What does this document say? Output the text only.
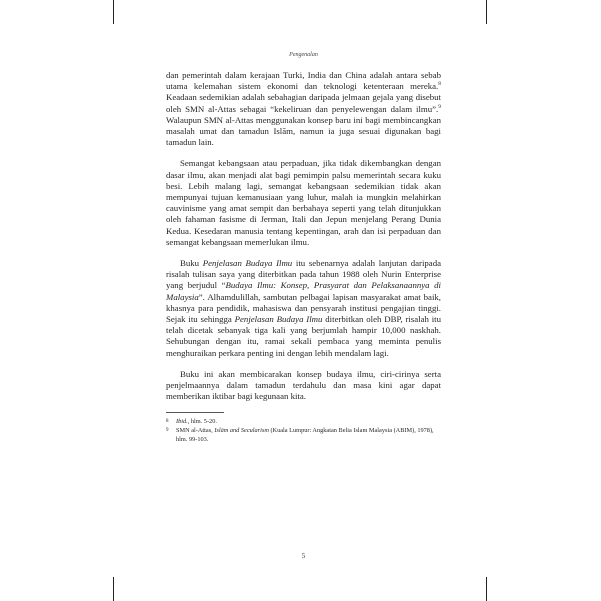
Pengenalan

dan pemerintah dalam kerajaan Turki, India dan China adalah antara sebab utama kelemahan sistem ekonomi dan teknologi ketenteraan mereka.$^8$ Keadaan sedemikian adalah sebahagian daripada jelmaan gejala yang disebut oleh SMN al-Attas sebagai “kekeliruan dan penyelewengan dalam ilmu”.$^9$ Walaupun SMN al-Attas menggunakan konsep baru ini bagi membincangkan masalah umat dan tamadun Islām, namun ia juga sesuai digunakan bagi tamadun lain.

Semangat kebangsaan atau perpaduan, jika tidak dikembangkan dengan dasar ilmu, akan menjadi alat bagi pemimpin palsu memerintah secara kuku besi. Lebih malang lagi, semangat kebangsaan sedemikian tidak akan mempunyai tujuan kemanusiaan yang luhur, malah ia mungkin melahirkan cauvinisme yang amat sempit dan berbahaya seperti yang telah ditunjukkan oleh fahaman fasisme di Jerman, Itali dan Jepun menjelang Perang Dunia Kedua. Kesedaran manusia tentang kepentingan, arah dan isi perpaduan dan semangat kebangsaan memerlukan ilmu.

Buku Penjelasan Budaya Ilmu itu sebenarnya adalah lanjutan daripada risalah tulisan saya yang diterbitkan pada tahun 1988 oleh Nurin Enterprise yang berjudul “Budaya Ilmu: Konsep, Prasyarat dan Pelaksanaannya di Malaysia”. Alhamdulillah, sambutan pelbagai lapisan masyarakat amat baik, khasnya para pendidik, mahasiswa dan pensyarah institusi pengajian tinggi. Sejak itu sehingga Penjelasan Budaya Ilmu diterbitkan oleh DBP, risalah itu telah dicetak sebanyak tiga kali yang berjumlah hampir 10,000 naskhah. Sehubungan dengan itu, ramai sekali pembaca yang meminta penulis menghuraikan perkara penting ini dengan lebih mendalam lagi.

Buku ini akan membicarakan konsep budaya ilmu, ciri-cirinya serta penjelmaannya dalam tamadun terdahulu dan masa kini agar dapat memberikan iktibar bagi kegunaan kita.

8 Ibid., hlm. 5-20.

9 SMN al-Attas, Islām and Secularism (Kuala Lumpur: Angkatan Belia Islam Malaysia (ABIM), 1978), hlm. 99-103.

5
